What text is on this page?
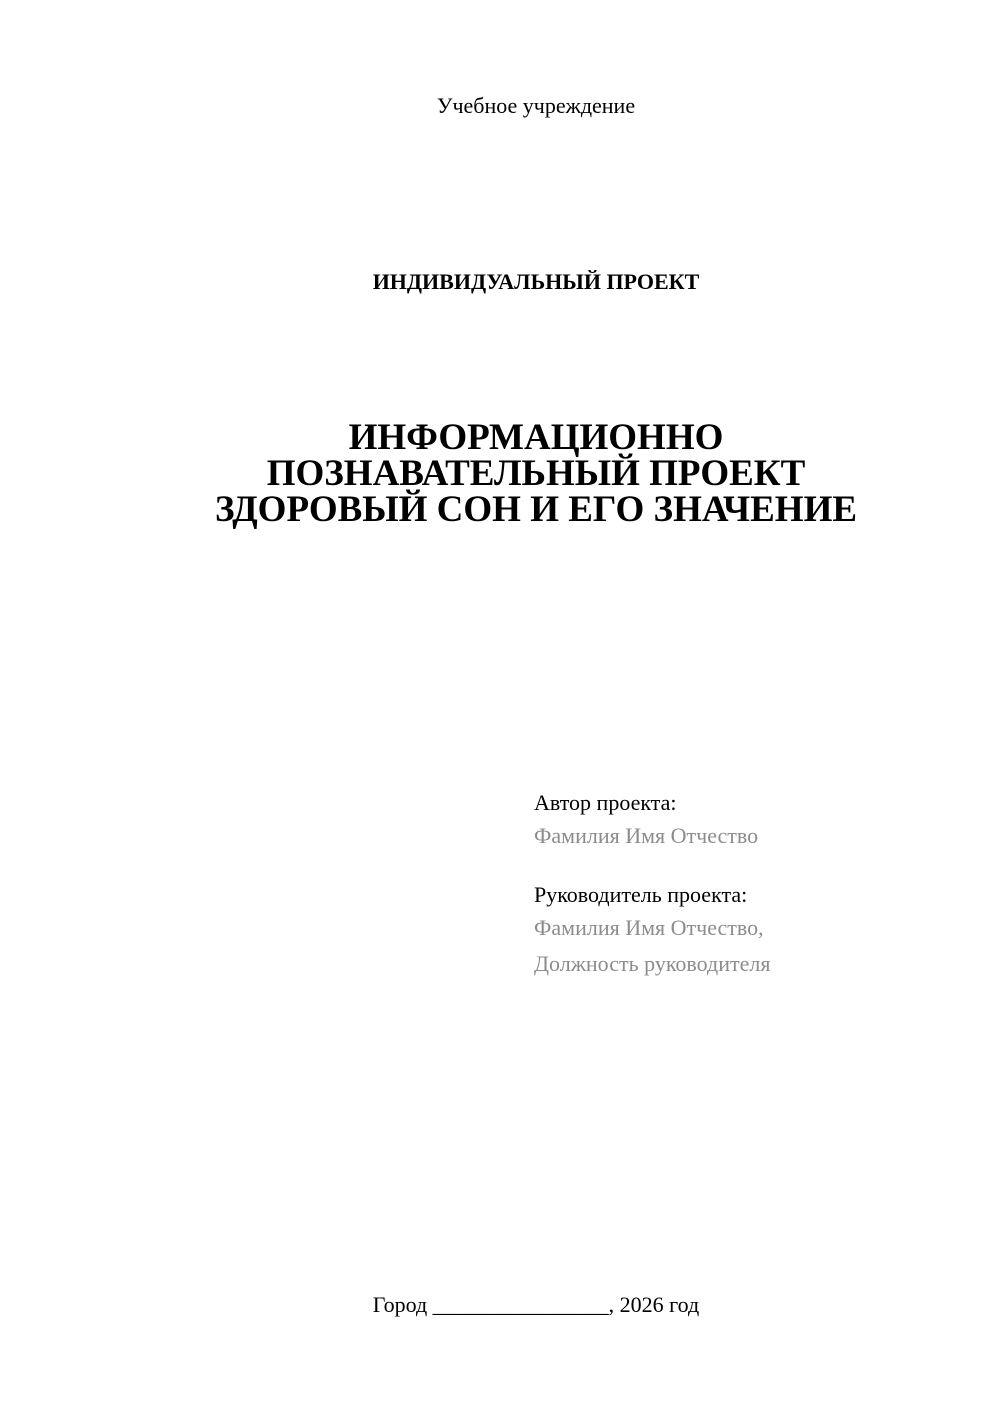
Учебное учреждение
ИНДИВИДУАЛЬНЫЙ ПРОЕКТ
ИНФОРМАЦИОННО
ПОЗНАВАТЕЛЬНЫЙ ПРОЕКТ
ЗДОРОВЫЙ СОН И ЕГО ЗНАЧЕНИЕ
Автор проекта:
Фамилия Имя Отчество
Руководитель проекта:
Фамилия Имя Отчество,
Должность руководителя
Город ________________, 2026 год
